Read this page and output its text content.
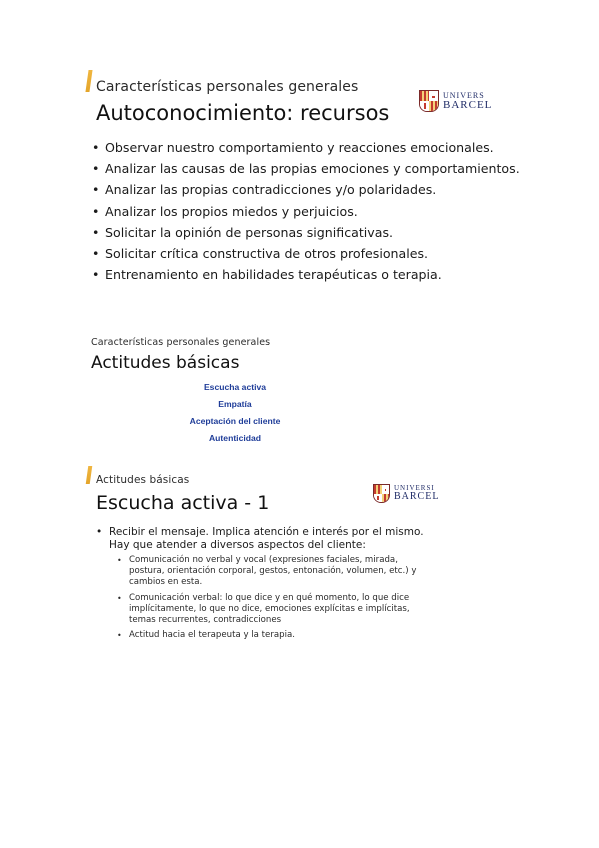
Características personales generales
Autoconocimiento: recursos
UNIVERS
BARCEL
• Observar nuestro comportamiento y reacciones emocionales.
• Analizar las causas de las propias emociones y comportamientos.
• Analizar las propias contradicciones y/o polaridades.
• Analizar los propios miedos y perjuicios.
• Solicitar la opinión de personas significativas.
• Solicitar crítica constructiva de otros profesionales.
• Entrenamiento en habilidades terapéuticas o terapia.
Características personales generales
Actitudes básicas
Escucha activa
Empatía
Aceptación del cliente
Autenticidad
Actitudes básicas
Escucha activa - 1
UNIVERSI
BARCEL
• Recibir el mensaje. Implica atención e interés por el mismo. Hay que atender a diversos aspectos del cliente:
• Comunicación no verbal y vocal (expresiones faciales, mirada, postura, orientación corporal, gestos, entonación, volumen, etc.) y cambios en esta.
• Comunicación verbal: lo que dice y en qué momento, lo que dice implícitamente, lo que no dice, emociones explícitas e implícitas, temas recurrentes, contradicciones
• Actitud hacia el terapeuta y la terapia.
